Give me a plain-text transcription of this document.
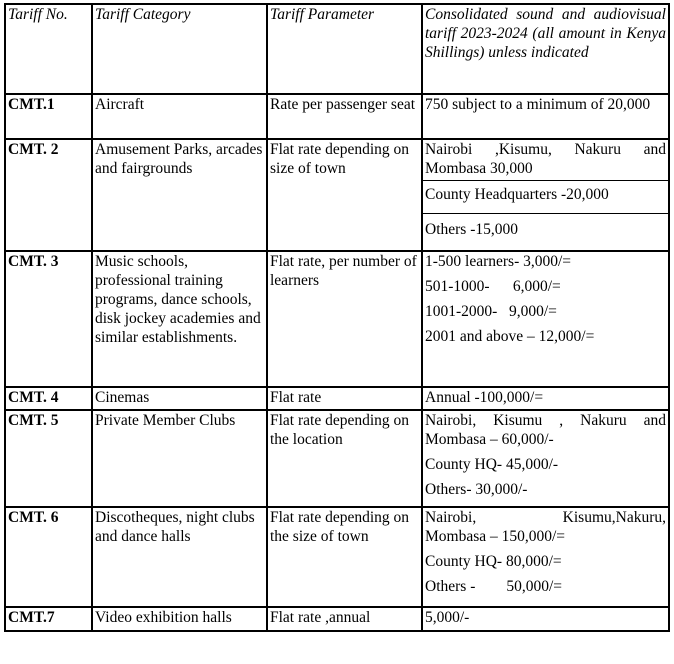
Tariff No.	Tariff Category	Tariff Parameter	Consolidated sound and audiovisual tariff 2023-2024 (all amount in Kenya Shillings) unless indicated
CMT.1	Aircraft	Rate per passenger seat	750 subject to a minimum of 20,000
CMT. 2	Amusement Parks, arcades and fairgrounds	Flat rate depending on size of town	Nairobi ,Kisumu, Nakuru and Mombasa 30,000
County Headquarters -20,000
Others -15,000

CMT. 3	Music schools, professional training programs, dance schools, disk jockey academies and similar establishments.	Flat rate, per number of learners	1-500 learners- 3,000/=
501-1000-      6,000/=
1001-2000-   9,000/=
2001 and above – 12,000/=

CMT. 4	Cinemas	Flat rate	Annual -100,000/=
CMT. 5	Private Member Clubs	Flat rate depending on the location	Nairobi, Kisumu , Nakuru and Mombasa – 60,000/-
County HQ- 45,000/-
Others- 30,000/-

CMT. 6	Discotheques, night clubs and dance halls	Flat rate depending on the size of town	Nairobi,         Kisumu,Nakuru, Mombasa – 150,000/=
County HQ- 80,000/=
Others -        50,000/=

CMT.7	Video exhibition halls	Flat rate ,annual	5,000/-
